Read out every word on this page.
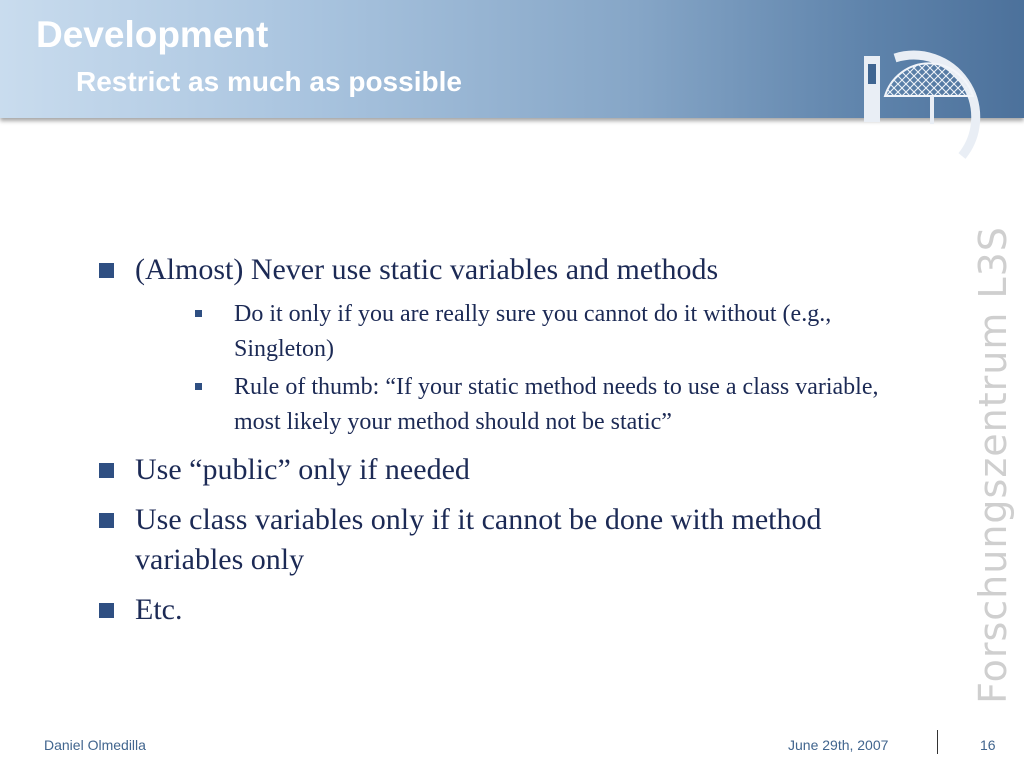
Development
Restrict as much as possible
Forschungszentrum L3S
(Almost) Never use static variables and methods
Do it only if you are really sure you cannot do it without (e.g., Singleton)
Rule of thumb: “If your static method needs to use a class variable, most likely your method should not be static”
Use “public” only if needed
Use class variables only if it cannot be done with method variables only
Etc.
Daniel Olmedilla	June 29th, 2007	16
